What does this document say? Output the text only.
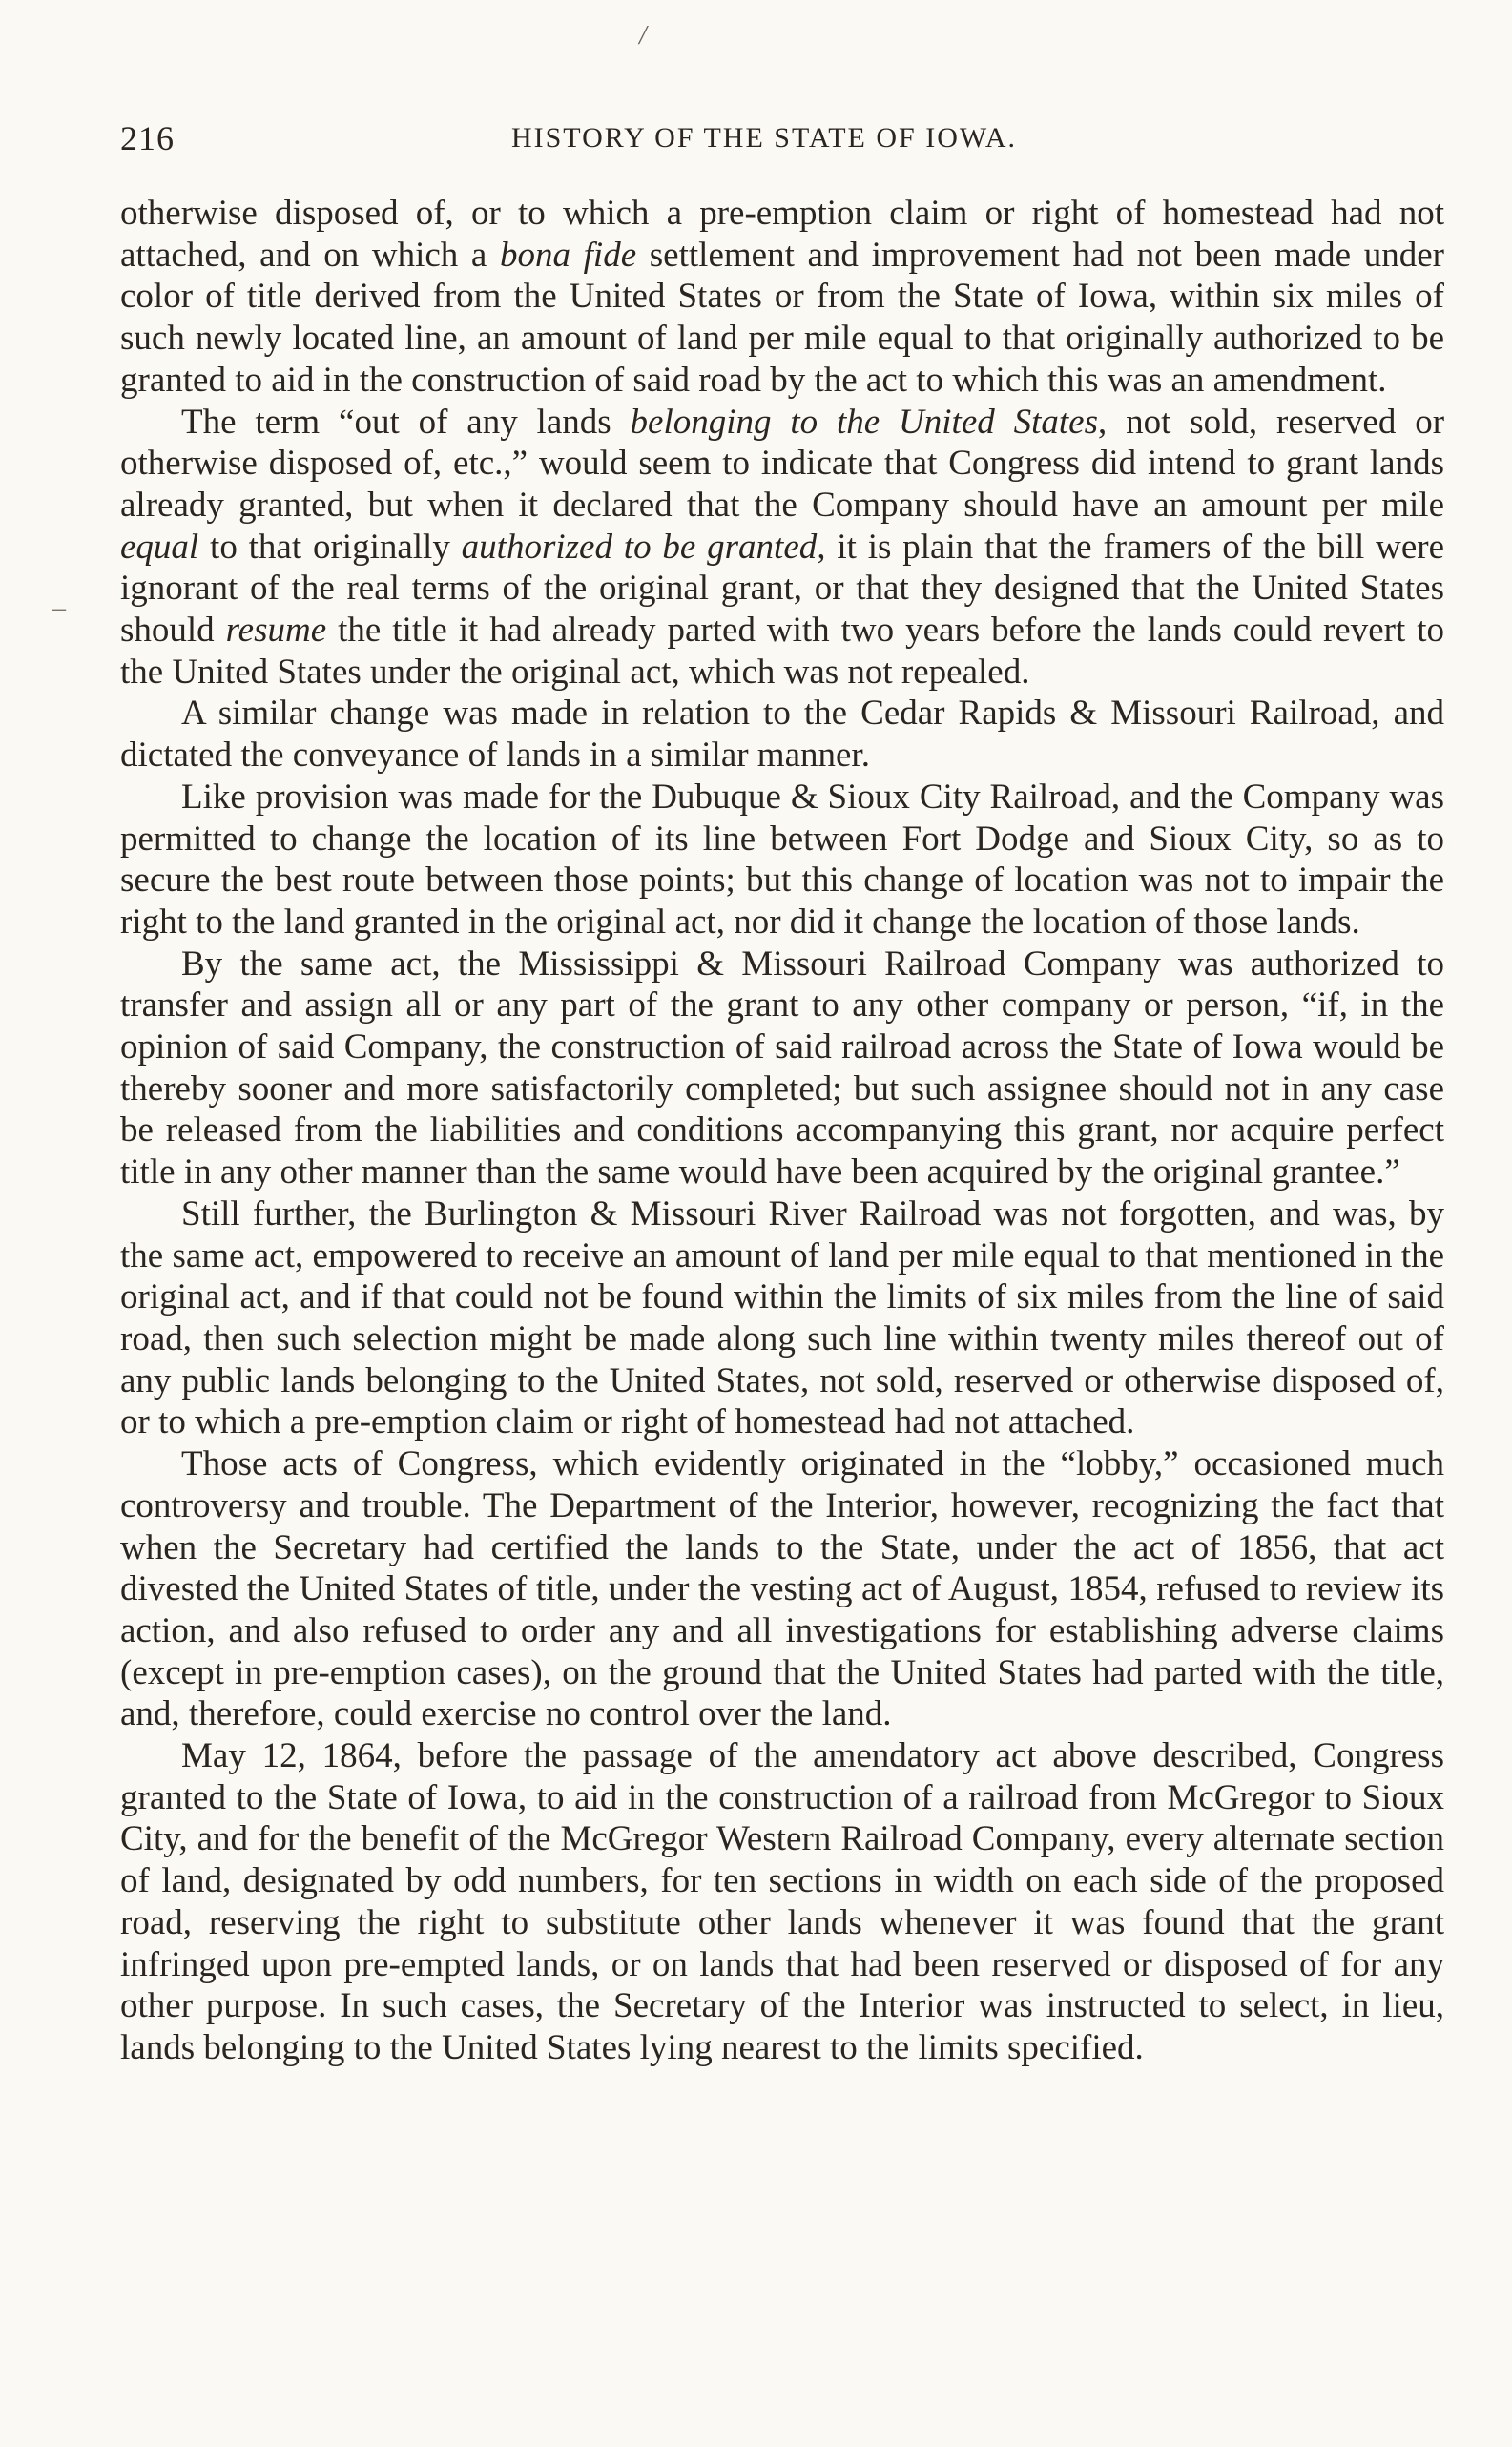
/
–
216	HISTORY OF THE STATE OF IOWA.

otherwise disposed of, or to which a pre-emption claim or right of homestead had not attached, and on which a bona fide settlement and improvement had not been made under color of title derived from the United States or from the State of Iowa, within six miles of such newly located line, an amount of land per mile equal to that originally authorized to be granted to aid in the construction of said road by the act to which this was an amendment.

The term “out of any lands belonging to the United States, not sold, reserved or otherwise disposed of, etc.,” would seem to indicate that Congress did intend to grant lands already granted, but when it declared that the Company should have an amount per mile equal to that originally authorized to be granted, it is plain that the framers of the bill were ignorant of the real terms of the original grant, or that they designed that the United States should resume the title it had already parted with two years before the lands could revert to the United States under the original act, which was not repealed.

A similar change was made in relation to the Cedar Rapids & Missouri Railroad, and dictated the conveyance of lands in a similar manner.

Like provision was made for the Dubuque & Sioux City Railroad, and the Company was permitted to change the location of its line between Fort Dodge and Sioux City, so as to secure the best route between those points; but this change of location was not to impair the right to the land granted in the original act, nor did it change the location of those lands.

By the same act, the Mississippi & Missouri Railroad Company was authorized to transfer and assign all or any part of the grant to any other company or person, “if, in the opinion of said Company, the construction of said railroad across the State of Iowa would be thereby sooner and more satisfactorily completed; but such assignee should not in any case be released from the liabilities and conditions accompanying this grant, nor acquire perfect title in any other manner than the same would have been acquired by the original grantee.”

Still further, the Burlington & Missouri River Railroad was not forgotten, and was, by the same act, empowered to receive an amount of land per mile equal to that mentioned in the original act, and if that could not be found within the limits of six miles from the line of said road, then such selection might be made along such line within twenty miles thereof out of any public lands belonging to the United States, not sold, reserved or otherwise disposed of, or to which a pre-emption claim or right of homestead had not attached.

Those acts of Congress, which evidently originated in the “lobby,” occasioned much controversy and trouble. The Department of the Interior, however, recognizing the fact that when the Secretary had certified the lands to the State, under the act of 1856, that act divested the United States of title, under the vesting act of August, 1854, refused to review its action, and also refused to order any and all investigations for establishing adverse claims (except in pre-emption cases), on the ground that the United States had parted with the title, and, therefore, could exercise no control over the land.

May 12, 1864, before the passage of the amendatory act above described, Congress granted to the State of Iowa, to aid in the construction of a railroad from McGregor to Sioux City, and for the benefit of the McGregor Western Railroad Company, every alternate section of land, designated by odd numbers, for ten sections in width on each side of the proposed road, reserving the right to substitute other lands whenever it was found that the grant infringed upon pre-empted lands, or on lands that had been reserved or disposed of for any other purpose. In such cases, the Secretary of the Interior was instructed to select, in lieu, lands belonging to the United States lying nearest to the limits specified.
